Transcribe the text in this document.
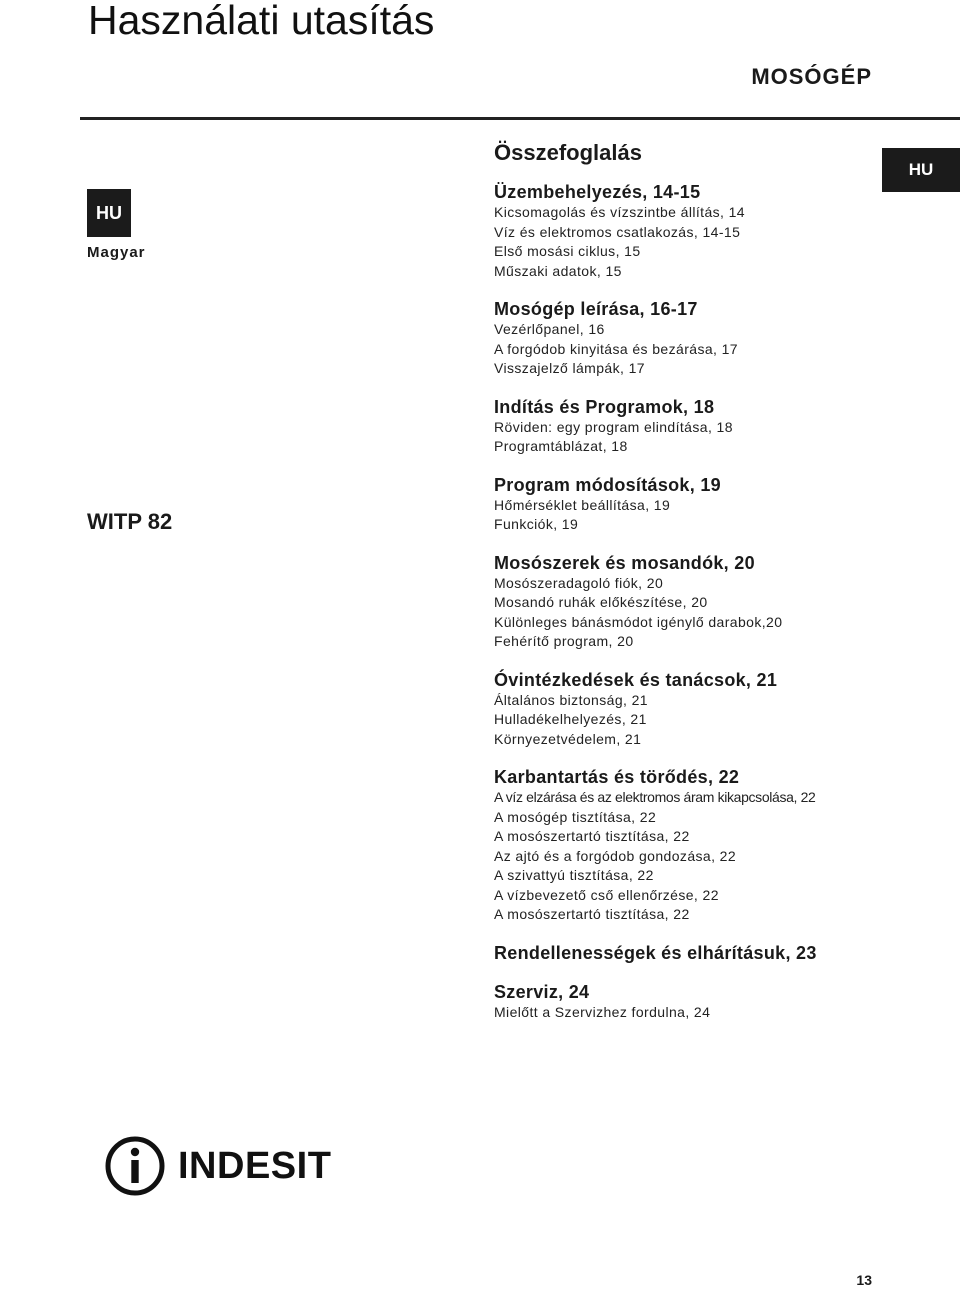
Használati utasítás
MOSÓGÉP
HU
HU
Magyar
WITP 82
Összefoglalás
Üzembehelyezés, 14-15
Kicsomagolás és vízszintbe állítás, 14
Víz és elektromos csatlakozás, 14-15
Első mosási ciklus, 15
Műszaki adatok, 15
Mosógép leírása, 16-17
Vezérlőpanel, 16
A forgódob kinyitása és bezárása, 17
Visszajelző lámpák, 17
Indítás és Programok, 18
Röviden: egy program elindítása, 18
Programtáblázat, 18
Program módosítások, 19
Hőmérséklet beállítása, 19
Funkciók, 19
Mosószerek és mosandók, 20
Mosószeradagoló fiók, 20
Mosandó ruhák előkészítése, 20
Különleges bánásmódot igénylő darabok,20
Fehérítő program, 20
Óvintézkedések és tanácsok, 21
Általános biztonság, 21
Hulladékelhelyezés, 21
Környezetvédelem, 21
Karbantartás és törődés, 22
A víz elzárása és az elektromos áram kikapcsolása, 22
A mosógép tisztítása, 22
A mosószertartó tisztítása, 22
Az ajtó és a forgódob gondozása, 22
A szivattyú tisztítása, 22
A vízbevezető cső ellenőrzése, 22
A mosószertartó tisztítása, 22
Rendellenességek és elhárításuk, 23
Szerviz, 24
Mielőtt a Szervizhez fordulna, 24
INDESIT
13
